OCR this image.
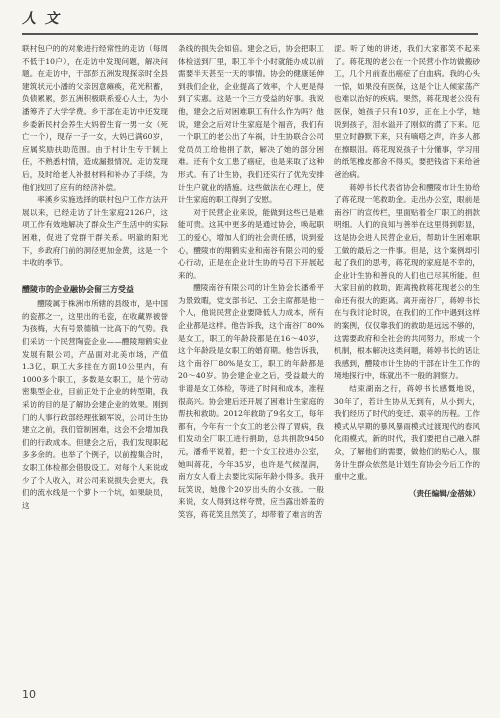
人 文

联村包户的的对象进行经常性的走访（每周不低于10户），在走访中发现问题，解决问题。在走访中，干部彭五洲发现探亲时全县建筑状元小潘的父亲因意瘫痪，花光积蓄，负债累累，彭五洲积极联系爱心人士，为小潘筹齐了大学学费。乡干部在走访中还发现乡委新民村会养生大妈曾生育一男一女（死亡一个），现存一子一女，大妈已满60岁，应属奖励扶助范围。由于村计生专干制上任，不熟悉村情，造成漏报情况。走访发现后，及时给老人补报材料和补办了手续，为他们找回了应有的经济补偿。

率溪乡实施选择的联村包户工作方法开展以来，已经走访了计生家庭2126户，这项工作有效地解决了群众生产生活中的实际困难，促进了党群干群关系。明澈的阳光下，乡政府门前的洞径更加金黄，这是一个丰收的季节。

醴陵市的企业融协会留三方受益

醴陵属于株洲市所辖的县级市，是中国的瓷都之一，这里出的毛瓷，在收藏界被誉为孩梅，大有号景德镇一比高下的气势。我们采访一个民营陶瓷企业——醴陵翔鹤实业发展有限公司，产品面对北美市场，产值1.3亿，职工大多挂在方面10公里内，有1000多个职工，多数是女职工，是个劳动密集型企业，目前正处于企业的转型期，我采访的目的是了解协会建企业的效果。刚到门的人事行政部经理张颖军说，公司计生协建立之前，我们管制困难，这会不会增加我们的行政成本。但建会之后，我们发现职起多多余的。也举了个例子，以前搜集合时，女职工体检都会借股设工。对每个人来说或少了个人收入，对公司来说损失会更大，我们的流水线是一个萝卜一个坑，如果缺员，这

条线的损失会如倍。建会之后，协会把职工体检送到厂里，职工半个小时就能办成以前需要半天甚至一天的事情。协会的健康延伸到我们企业，企业提高了效率，个人更是得到了实惠。这是一个三方受益的好事。我说他，建会之后对困难职工有什么作为吗？他说，建会之后对计生家庭是个福音，我们有一个职工的老公出了车祸，计生协联合公司党员员工给他捐了款，解决了她的部分困难。还有个女工患了癌症，也是来取了这种形式。有了计生协，我们还实行了优先安排计生户就业的措施。这些做法在心理上，使计生家庭的职工得到了安慰。

对于民营企业来说，能做到这些已是难能可贵。这其中更多的是通过协会，唤起职工的爱心，增加人们的社会责任感，说到爱心，醴陵市的翔鹤实业和南谷有限公司的爱心行动，正是在企业计生协的号召下开展起来的。

醴陵南谷有限公司的计生协会长潘希平为景致暇，党支部书记、工会主席都是他一个人，他说民营企业要降低人力成本，所有企业都是这样。他告诉我，这个南谷厂80%是女工，职工的年龄段都是在16～40岁，这个年龄段是女职工的婚育期。他告诉我，这个南谷厂80%是女工，职工的年龄都是20～40岁。协会建企业之后，受益最大的非谱是女工体检，等进了时间和成本，准程很高兴。协会建后还开展了困难计生家庭的帮扶和救助。2012年救助了9名女工，每年都有，今年有一个女工的老公得了胃病，我们发动全厂职工进行捐助，总共捐款9450元，潘希平说着，把一个女工拉进办公室，她叫蒋花，今年35岁，也许是气候湿润，南方女人看上去要比实际年龄小得多。我开玩笑说，她像个20岁出头的小女孩。一般来说，女人得到这样夸赞，应当露出娇羞的笑容，蒋花笑且然笑了，却带着了难言的苦

涩。听了她的讲述，我们大家都笑不起来了。蒋花现的老公在一个民营小作坊做搬砂工，几个月前查出癌症了白血病。我的心头一惊，如果没有医保，这是个让人倾家荡产也难以治好的疾病。果然，蒋花现老公没有医保，她孩子只有10岁，正在上小学，她说到孩子，泪水溢开了刚似的潸了下来。厄里立时静默下来，只有嘀嗒之声，许多人都在擦眼泪。蒋花现说孩子十分懂事，学习用的纸笔橡皮都舍不得买，要把钱省下来给爸爸治病。

蒋婷书长代表省协会和醴陵市计生协给了蒋花现一笔救助金。走出办公室，眼前是南谷厂的宣传栏，里面贴着全厂职工的捐款明细。人们的良知与善举在这里得到彰显，这是协会进人民营企业后，帮助计生困难职工做的最后之一件事。但是，这个案例却引起了我们的思考，蒋花现的家庭是不幸的，企业计生协和善良的人们也已尽其所能。但大家目前的救助，距离挽救蒋花现老公的生命还有很大的距离。离开南谷厂，蒋婷书长在与我讨论时说，在我们的工作中遇到这样的案例，仅仅靠我们的救助是远远不够的，这需要政府和全社会的共同努力，形成一个机制，根本解决这类问题，蒋婷书长的话让我感到，醴陵市计生协的干部在计生工作的境地探行中，练就出不一般的洞察力。

结束湖南之行，蒋婷书长感慨地说，30年了，若计生协从无到有，从小到大，我们经历了时代的变迁、艰辛的历程。工作模式从早期的暴风暴雨模式过渡现代的春风化雨模式，新的时代，我们要把自己融入群众，了解他们的需要，做他们的贴心人，服务计生群众依然是计划生育协会今后工作的重中之重。

（责任编辑/金蓓妹）
10
